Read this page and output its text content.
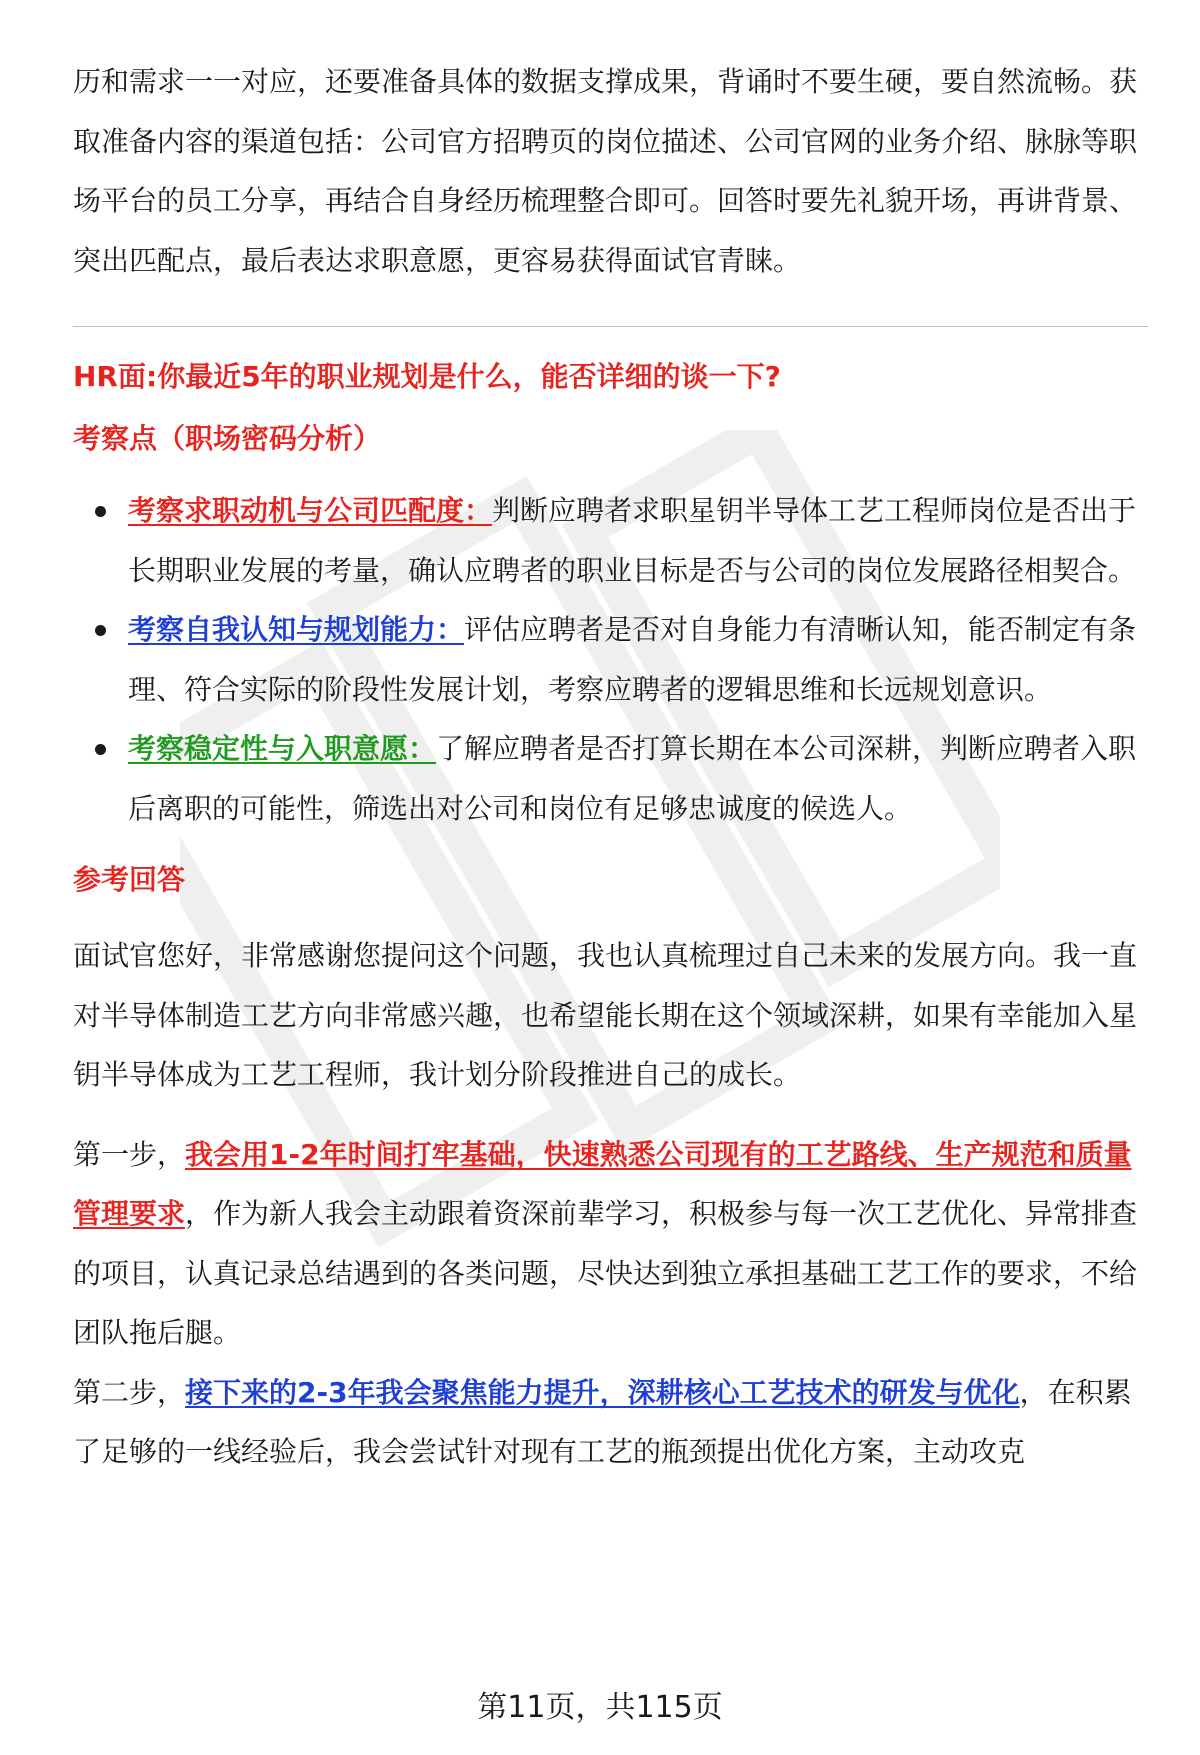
历和需求一一对应，还要准备具体的数据支撑成果，背诵时不要生硬，要自然流畅。获取准备内容的渠道包括：公司官方招聘页的岗位描述、公司官网的业务介绍、脉脉等职场平台的员工分享，再结合自身经历梳理整合即可。回答时要先礼貌开场，再讲背景、突出匹配点，最后表达求职意愿，更容易获得面试官青睐。

HR面:你最近5年的职业规划是什么，能否详细的谈一下?
考察点（职场密码分析）
考察求职动机与公司匹配度：判断应聘者求职星钥半导体工艺工程师岗位是否出于长期职业发展的考量，确认应聘者的职业目标是否与公司的岗位发展路径相契合。
考察自我认知与规划能力：评估应聘者是否对自身能力有清晰认知，能否制定有条理、符合实际的阶段性发展计划，考察应聘者的逻辑思维和长远规划意识。
考察稳定性与入职意愿：了解应聘者是否打算长期在本公司深耕，判断应聘者入职后离职的可能性，筛选出对公司和岗位有足够忠诚度的候选人。
参考回答

面试官您好，非常感谢您提问这个问题，我也认真梳理过自己未来的发展方向。我一直对半导体制造工艺方向非常感兴趣，也希望能长期在这个领域深耕，如果有幸能加入星钥半导体成为工艺工程师，我计划分阶段推进自己的成长。

第一步，我会用1-2年时间打牢基础，快速熟悉公司现有的工艺路线、生产规范和质量管理要求，作为新人我会主动跟着资深前辈学习，积极参与每一次工艺优化、异常排查的项目，认真记录总结遇到的各类问题，尽快达到独立承担基础工艺工作的要求，不给团队拖后腿。

第二步，接下来的2-3年我会聚焦能力提升，深耕核心工艺技术的研发与优化，在积累了足够的一线经验后，我会尝试针对现有工艺的瓶颈提出优化方案，主动攻克

第11页，共115页
